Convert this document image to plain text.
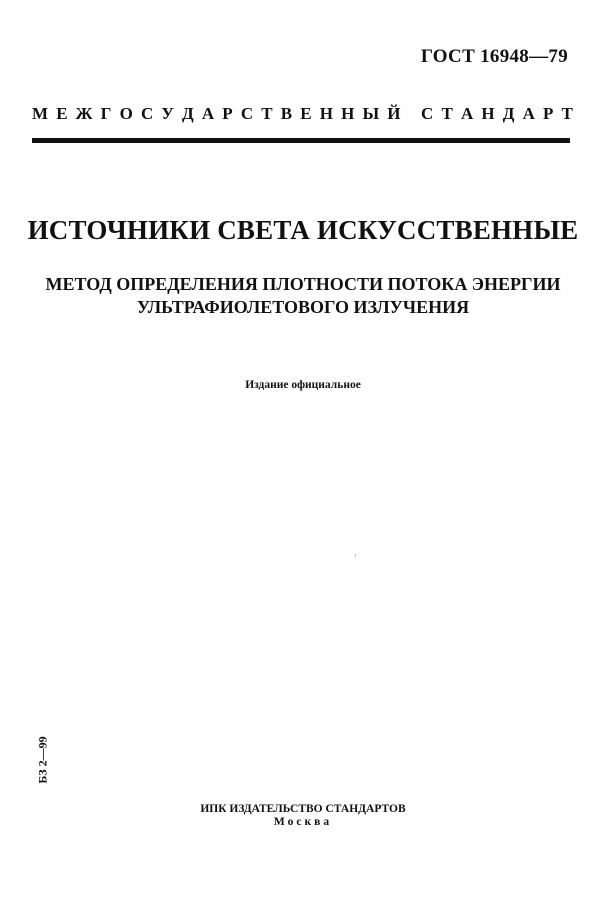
ГОСТ 16948—79
М Е Ж Г О С У Д А Р С Т В Е Н Н Ы Й
С Т А Н Д А Р Т
ИСТОЧНИКИ СВЕТА ИСКУССТВЕННЫЕ
МЕТОД ОПРЕДЕЛЕНИЯ ПЛОТНОСТИ ПОТОКА ЭНЕРГИИ
УЛЬТРАФИОЛЕТОВОГО ИЗЛУЧЕНИЯ
Издание официальное
БЗ 2—99
ИПК ИЗДАТЕЛЬСТВО СТАНДАРТОВ
Москва
